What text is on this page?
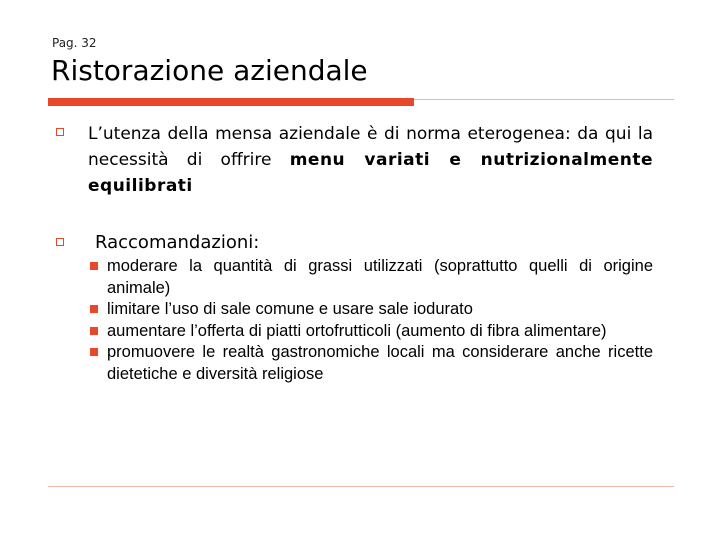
Pag. 32
Ristorazione aziendale
L’utenza della mensa aziendale è di norma eterogenea: da qui la necessità di offrire menu variati e nutrizionalmente equilibrati
Raccomandazioni:
moderare la quantità di grassi utilizzati (soprattutto quelli di origine animale)
limitare l’uso di sale comune e usare sale iodurato
aumentare l’offerta di piatti ortofrutticoli (aumento di fibra alimentare)
promuovere le realtà gastronomiche locali ma considerare anche ricette dietetiche e diversità religiose
